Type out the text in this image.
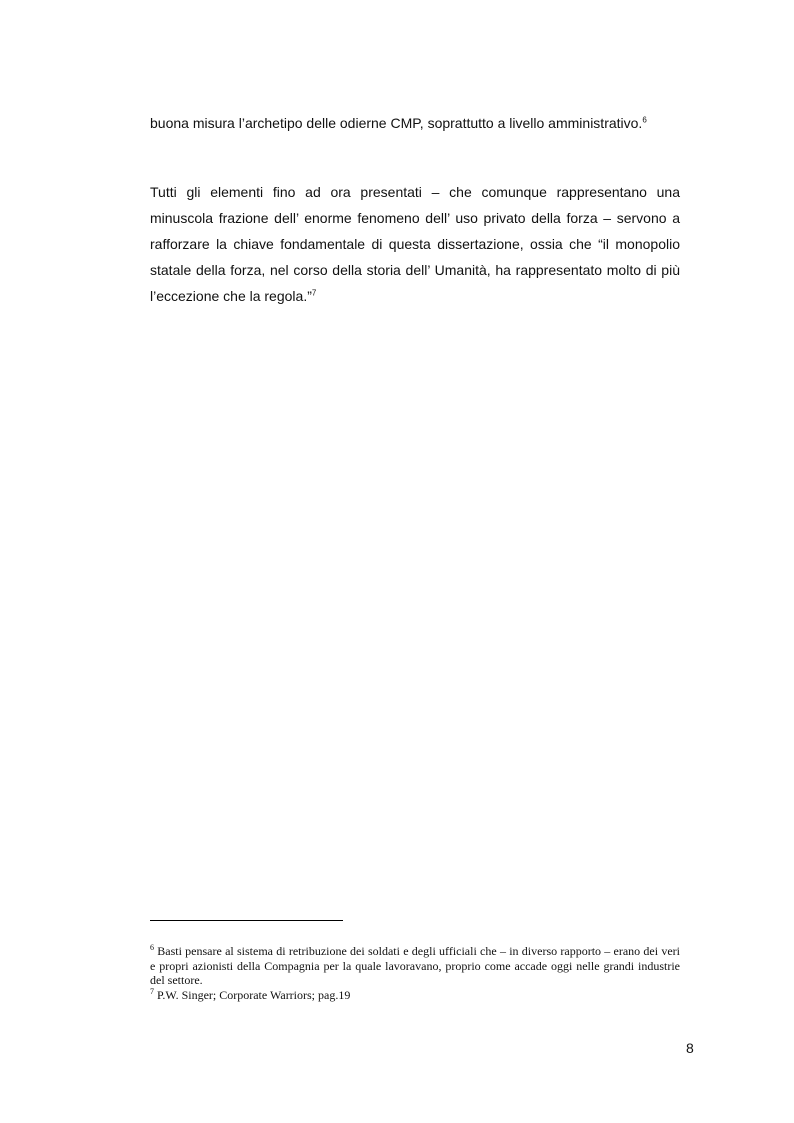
buona misura l’archetipo delle odierne CMP, soprattutto a livello amministrativo.$^6$

Tutti gli elementi fino ad ora presentati – che comunque rappresentano una minuscola frazione dell’ enorme fenomeno dell’ uso privato della forza – servono a rafforzare la chiave fondamentale di questa dissertazione, ossia che “il monopolio statale della forza, nel corso della storia dell’ Umanità, ha rappresentato molto di più l’eccezione che la regola.”$^7$

$^6$ Basti pensare al sistema di retribuzione dei soldati e degli ufficiali che – in diverso rapporto – erano dei veri e propri azionisti della Compagnia per la quale lavoravano, proprio come accade oggi nelle grandi industrie del settore.

$^7$ P.W. Singer; Corporate Warriors; pag.19

8
